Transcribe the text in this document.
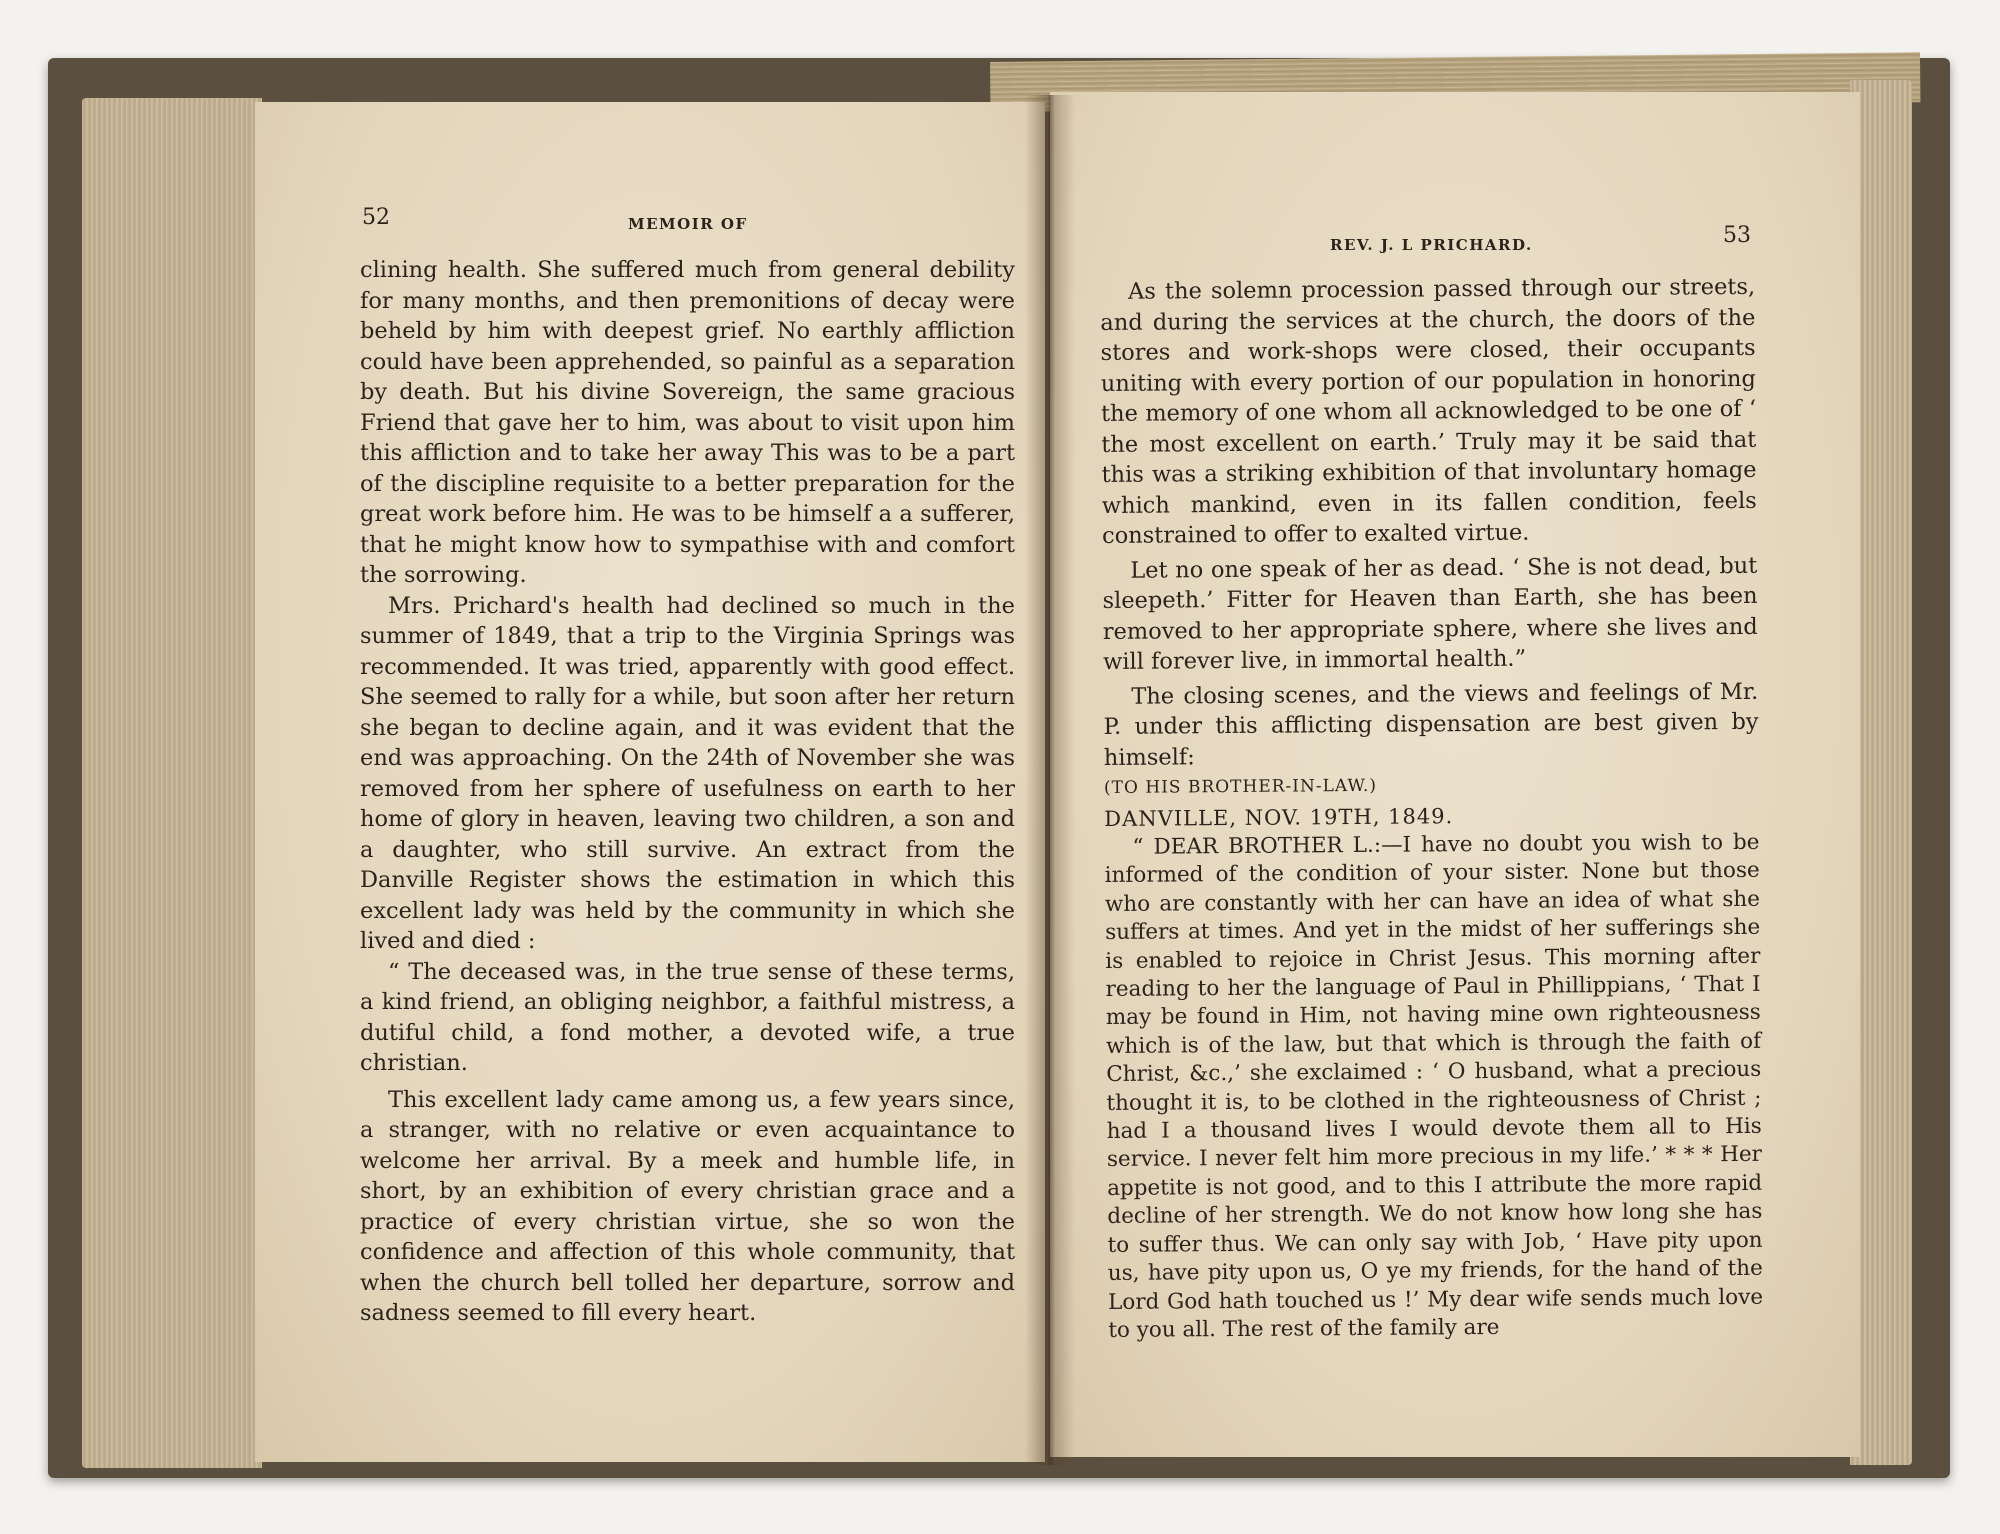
52	MEMOIR OF

clining health. She suffered much from general debility for many months, and then premonitions of decay were beheld by him with deepest grief. No earthly affliction could have been apprehended, so painful as a separation by death. But his divine Sovereign, the same gracious Friend that gave her to him, was about to visit upon him this affliction and to take her away This was to be a part of the discipline requisite to a better preparation for the great work before him. He was to be himself a a sufferer, that he might know how to sympathise with and comfort the sorrowing.

Mrs. Prichard's health had declined so much in the summer of 1849, that a trip to the Virginia Springs was recommended. It was tried, apparently with good effect. She seemed to rally for a while, but soon after her return she began to decline again, and it was evident that the end was approaching. On the 24th of November she was removed from her sphere of usefulness on earth to her home of glory in heaven, leaving two children, a son and a daughter, who still survive. An extract from the Danville Register shows the estimation in which this excellent lady was held by the community in which she lived and died :

“ The deceased was, in the true sense of these terms, a kind friend, an obliging neighbor, a faithful mistress, a dutiful child, a fond mother, a devoted wife, a true christian.

This excellent lady came among us, a few years since, a stranger, with no relative or even acquaintance to welcome her arrival. By a meek and humble life, in short, by an exhibition of every christian grace and a practice of every christian virtue, she so won the confidence and affection of this whole community, that when the church bell tolled her departure, sorrow and sadness seemed to fill every heart.

REV. J. L PRICHARD.	53

As the solemn procession passed through our streets, and during the services at the church, the doors of the stores and work-shops were closed, their occupants uniting with every portion of our population in honoring the memory of one whom all acknowledged to be one of ‘ the most excellent on earth.’ Truly may it be said that this was a striking exhibition of that involuntary homage which mankind, even in its fallen condition, feels constrained to offer to exalted virtue.

Let no one speak of her as dead. ‘ She is not dead, but sleepeth.’ Fitter for Heaven than Earth, she has been removed to her appropriate sphere, where she lives and will forever live, in immortal health.”

The closing scenes, and the views and feelings of Mr. P. under this afflicting dispensation are best given by himself:

(TO HIS BROTHER-IN-LAW.)

DANVILLE, NOV. 19TH, 1849.

“ DEAR BROTHER L.:—I have no doubt you wish to be informed of the condition of your sister. None but those who are constantly with her can have an idea of what she suffers at times. And yet in the midst of her sufferings she is enabled to rejoice in Christ Jesus. This morning after reading to her the language of Paul in Phillippians, ‘ That I may be found in Him, not having mine own righteousness which is of the law, but that which is through the faith of Christ, &c.,’ she exclaimed : ‘ O husband, what a precious thought it is, to be clothed in the righteousness of Christ ; had I a thousand lives I would devote them all to His service. I never felt him more precious in my life.’ * * * Her appetite is not good, and to this I attribute the more rapid decline of her strength. We do not know how long she has to suffer thus. We can only say with Job, ‘ Have pity upon us, have pity upon us, O ye my friends, for the hand of the Lord God hath touched us !’ My dear wife sends much love to you all. The rest of the family are
